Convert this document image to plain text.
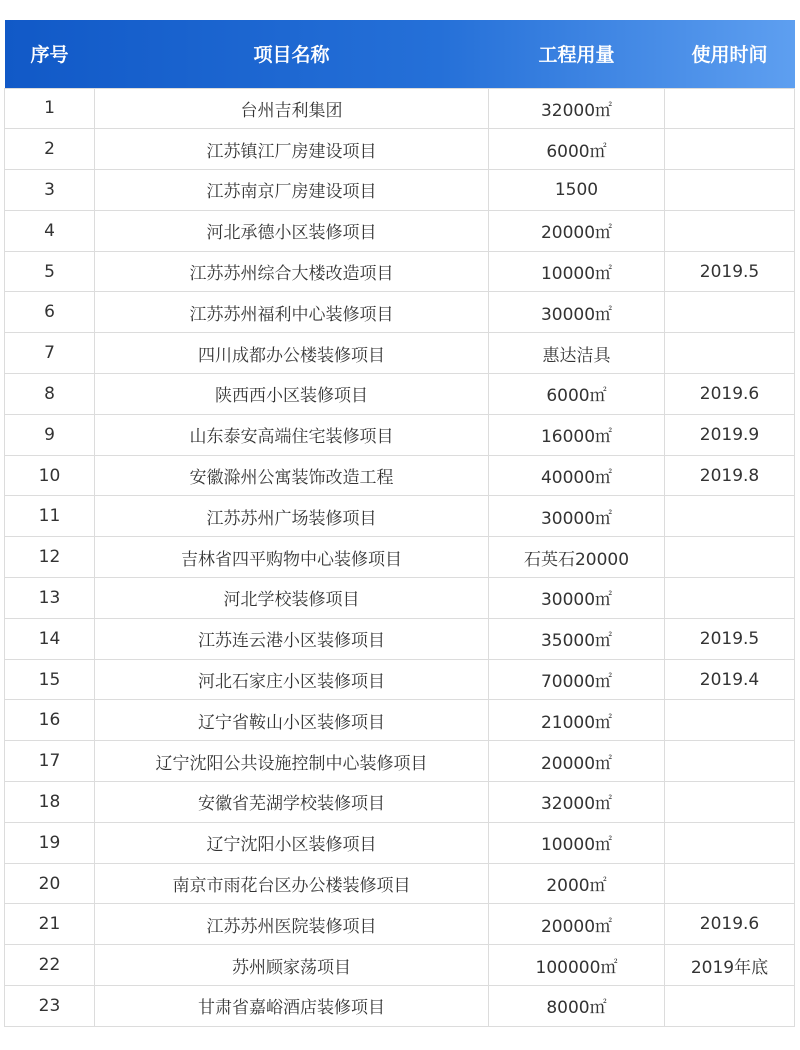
序号	项目名称	工程用量	使用时间
1	台州吉利集团	32000㎡	
2	江苏镇江厂房建设项目	6000㎡	
3	江苏南京厂房建设项目	1500	
4	河北承德小区装修项目	20000㎡	
5	江苏苏州综合大楼改造项目	10000㎡	2019.5
6	江苏苏州福利中心装修项目	30000㎡	
7	四川成都办公楼装修项目	惠达洁具	
8	陕西西小区装修项目	6000㎡	2019.6
9	山东泰安高端住宅装修项目	16000㎡	2019.9
10	安徽滁州公寓装饰改造工程	40000㎡	2019.8
11	江苏苏州广场装修项目	30000㎡	
12	吉林省四平购物中心装修项目	石英石20000	
13	河北学校装修项目	30000㎡	
14	江苏连云港小区装修项目	35000㎡	2019.5
15	河北石家庄小区装修项目	70000㎡	2019.4
16	辽宁省鞍山小区装修项目	21000㎡	
17	辽宁沈阳公共设施控制中心装修项目	20000㎡	
18	安徽省芜湖学校装修项目	32000㎡	
19	辽宁沈阳小区装修项目	10000㎡	
20	南京市雨花台区办公楼装修项目	2000㎡	
21	江苏苏州医院装修项目	20000㎡	2019.6
22	苏州顾家荡项目	100000㎡	2019年底
23	甘肃省嘉峪酒店装修项目	8000㎡	
